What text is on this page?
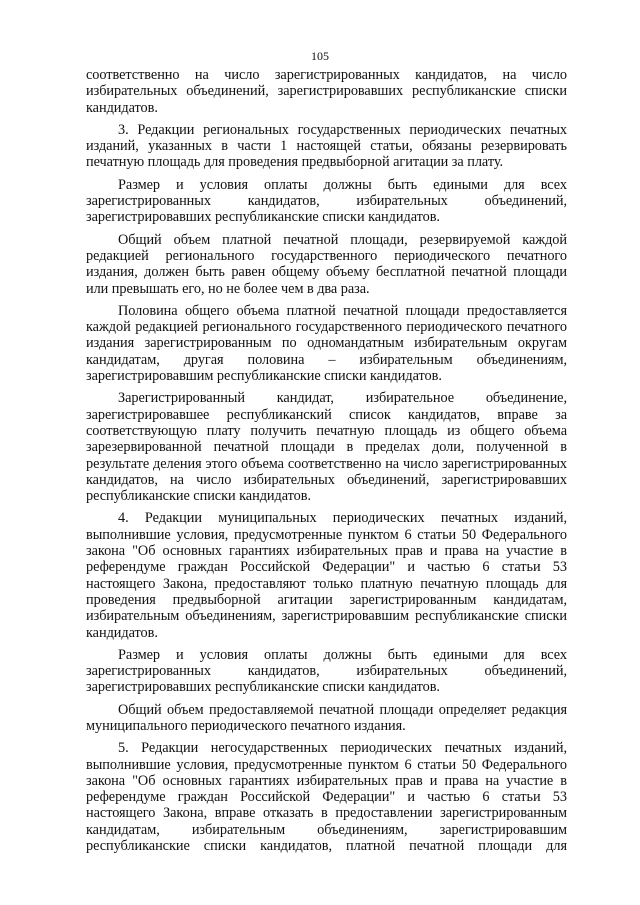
105

соответственно на число зарегистрированных кандидатов, на число избирательных объединений, зарегистрировавших республиканские списки кандидатов.

3. Редакции региональных государственных периодических печатных изданий, указанных в части 1 настоящей статьи, обязаны резервировать печатную площадь для проведения предвыборной агитации за плату.

Размер и условия оплаты должны быть едиными для всех зарегистрированных кандидатов, избирательных объединений, зарегистрировавших республиканские списки кандидатов.

Общий объем платной печатной площади, резервируемой каждой редакцией регионального государственного периодического печатного издания, должен быть равен общему объему бесплатной печатной площади или превышать его, но не более чем в два раза.

Половина общего объема платной печатной площади предоставляется каждой редакцией регионального государственного периодического печатного издания зарегистрированным по одномандатным избирательным округам кандидатам, другая половина – избирательным объединениям, зарегистрировавшим республиканские списки кандидатов.

Зарегистрированный кандидат, избирательное объединение, зарегистрировавшее республиканский список кандидатов, вправе за соответствующую плату получить печатную площадь из общего объема зарезервированной печатной площади в пределах доли, полученной в результате деления этого объема соответственно на число зарегистрированных кандидатов, на число избирательных объединений, зарегистрировавших республиканские списки кандидатов.

4. Редакции муниципальных периодических печатных изданий, выполнившие условия, предусмотренные пунктом 6 статьи 50 Федерального закона "Об основных гарантиях избирательных прав и права на участие в референдуме граждан Российской Федерации" и частью 6 статьи 53 настоящего Закона, предоставляют только платную печатную площадь для проведения предвыборной агитации зарегистрированным кандидатам, избирательным объединениям, зарегистрировавшим республиканские списки кандидатов.

Размер и условия оплаты должны быть едиными для всех зарегистрированных кандидатов, избирательных объединений, зарегистрировавших республиканские списки кандидатов.

Общий объем предоставляемой печатной площади определяет редакция муниципального периодического печатного издания.

5. Редакции негосударственных периодических печатных изданий, выполнившие условия, предусмотренные пунктом 6 статьи 50 Федерального закона "Об основных гарантиях избирательных прав и права на участие в референдуме граждан Российской Федерации" и частью 6 статьи 53 настоящего Закона, вправе отказать в предоставлении зарегистрированным кандидатам, избирательным объединениям, зарегистрировавшим республиканские списки кандидатов, платной печатной площади для
